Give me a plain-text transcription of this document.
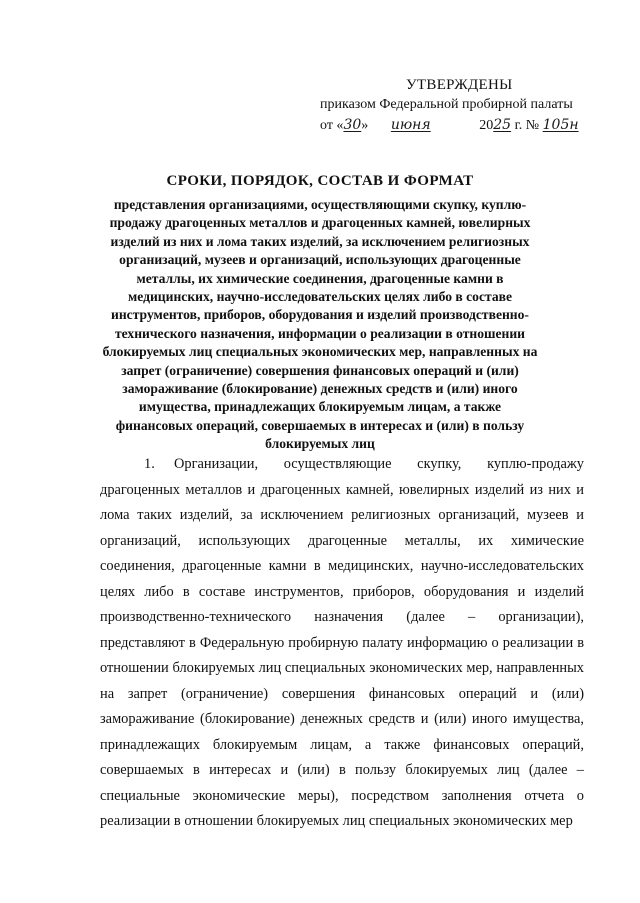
УТВЕРЖДЕНЫ
приказом Федеральной пробирной палаты
от «30» июня	2025 г. № 105н
СРОКИ, ПОРЯДОК, СОСТАВ И ФОРМАТ
представления организациями, осуществляющими скупку, куплю-продажу драгоценных металлов и драгоценных камней, ювелирных изделий из них и лома таких изделий, за исключением религиозных организаций, музеев и организаций, использующих драгоценные металлы, их химические соединения, драгоценные камни в медицинских, научно-исследовательских целях либо в составе инструментов, приборов, оборудования и изделий производственно-технического назначения, информации о реализации в отношении блокируемых лиц специальных экономических мер, направленных на запрет (ограничение) совершения финансовых операций и (или) замораживание (блокирование) денежных средств и (или) иного имущества, принадлежащих блокируемым лицам, а также финансовых операций, совершаемых в интересах и (или) в пользу блокируемых лиц
1. Организации, осуществляющие скупку, куплю-продажу драгоценных металлов и драгоценных камней, ювелирных изделий из них и лома таких изделий, за исключением религиозных организаций, музеев и организаций, использующих драгоценные металлы, их химические соединения, драгоценные камни в медицинских, научно-исследовательских целях либо в составе инструментов, приборов, оборудования и изделий производственно-технического назначения (далее – организации), представляют в Федеральную пробирную палату информацию о реализации в отношении блокируемых лиц специальных экономических мер, направленных на запрет (ограничение) совершения финансовых операций и (или) замораживание (блокирование) денежных средств и (или) иного имущества, принадлежащих блокируемым лицам, а также финансовых операций, совершаемых в интересах и (или) в пользу блокируемых лиц (далее – специальные экономические меры), посредством заполнения отчета о реализации в отношении блокируемых лиц специальных экономических мер
